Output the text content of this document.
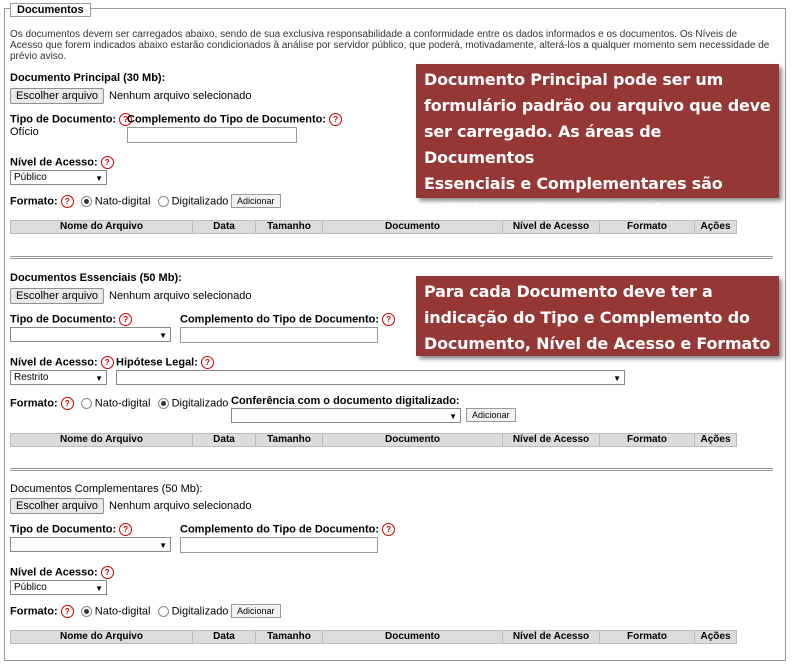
Documentos
Os documentos devem ser carregados abaixo, sendo de sua exclusiva responsabilidade a conformidade entre os dados informados e os documentos. Os Níveis de Acesso que forem indicados abaixo estarão condicionados à análise por servidor público, que poderá, motivadamente, alterá-los a qualquer momento sem necessidade de prévio aviso.
Documento Principal (30 Mb):
Escolher arquivo Nenhum arquivo selecionado
Tipo de Documento: ?
Ofício
Complemento do Tipo de Documento: ?
Nível de Acesso: ?
Público	▼
Formato: ? Nato-digital Digitalizado Adicionar
Nome do Arquivo	Data	Tamanho	Documento	Nível de Acesso	Formato	Ações
Documentos Essenciais (50 Mb):
Escolher arquivo Nenhum arquivo selecionado
Tipo de Documento: ?
▼
Complemento do Tipo de Documento: ?
Nível de Acesso: ?
Restrito	▼
Hipótese Legal: ?
▼
Formato: ? Nato-digital Digitalizado Conferência com o documento digitalizado:
▼	Adicionar
Nome do Arquivo	Data	Tamanho	Documento	Nível de Acesso	Formato	Ações
Documentos Complementares (50 Mb):
Escolher arquivo Nenhum arquivo selecionado
Tipo de Documento: ?
▼
Complemento do Tipo de Documento: ?
Nível de Acesso: ?
Público	▼
Formato: ? Nato-digital Digitalizado Adicionar
Nome do Arquivo	Data	Tamanho	Documento	Nível de Acesso	Formato	Ações
Documento Principal pode ser um
formulário padrão ou arquivo que deve
ser carregado. As áreas de Documentos
Essenciais e Complementares são
exibidas conforme o tipo de processo
Para cada Documento deve ter a
indicação do Tipo e Complemento do
Documento, Nível de Acesso e Formato
